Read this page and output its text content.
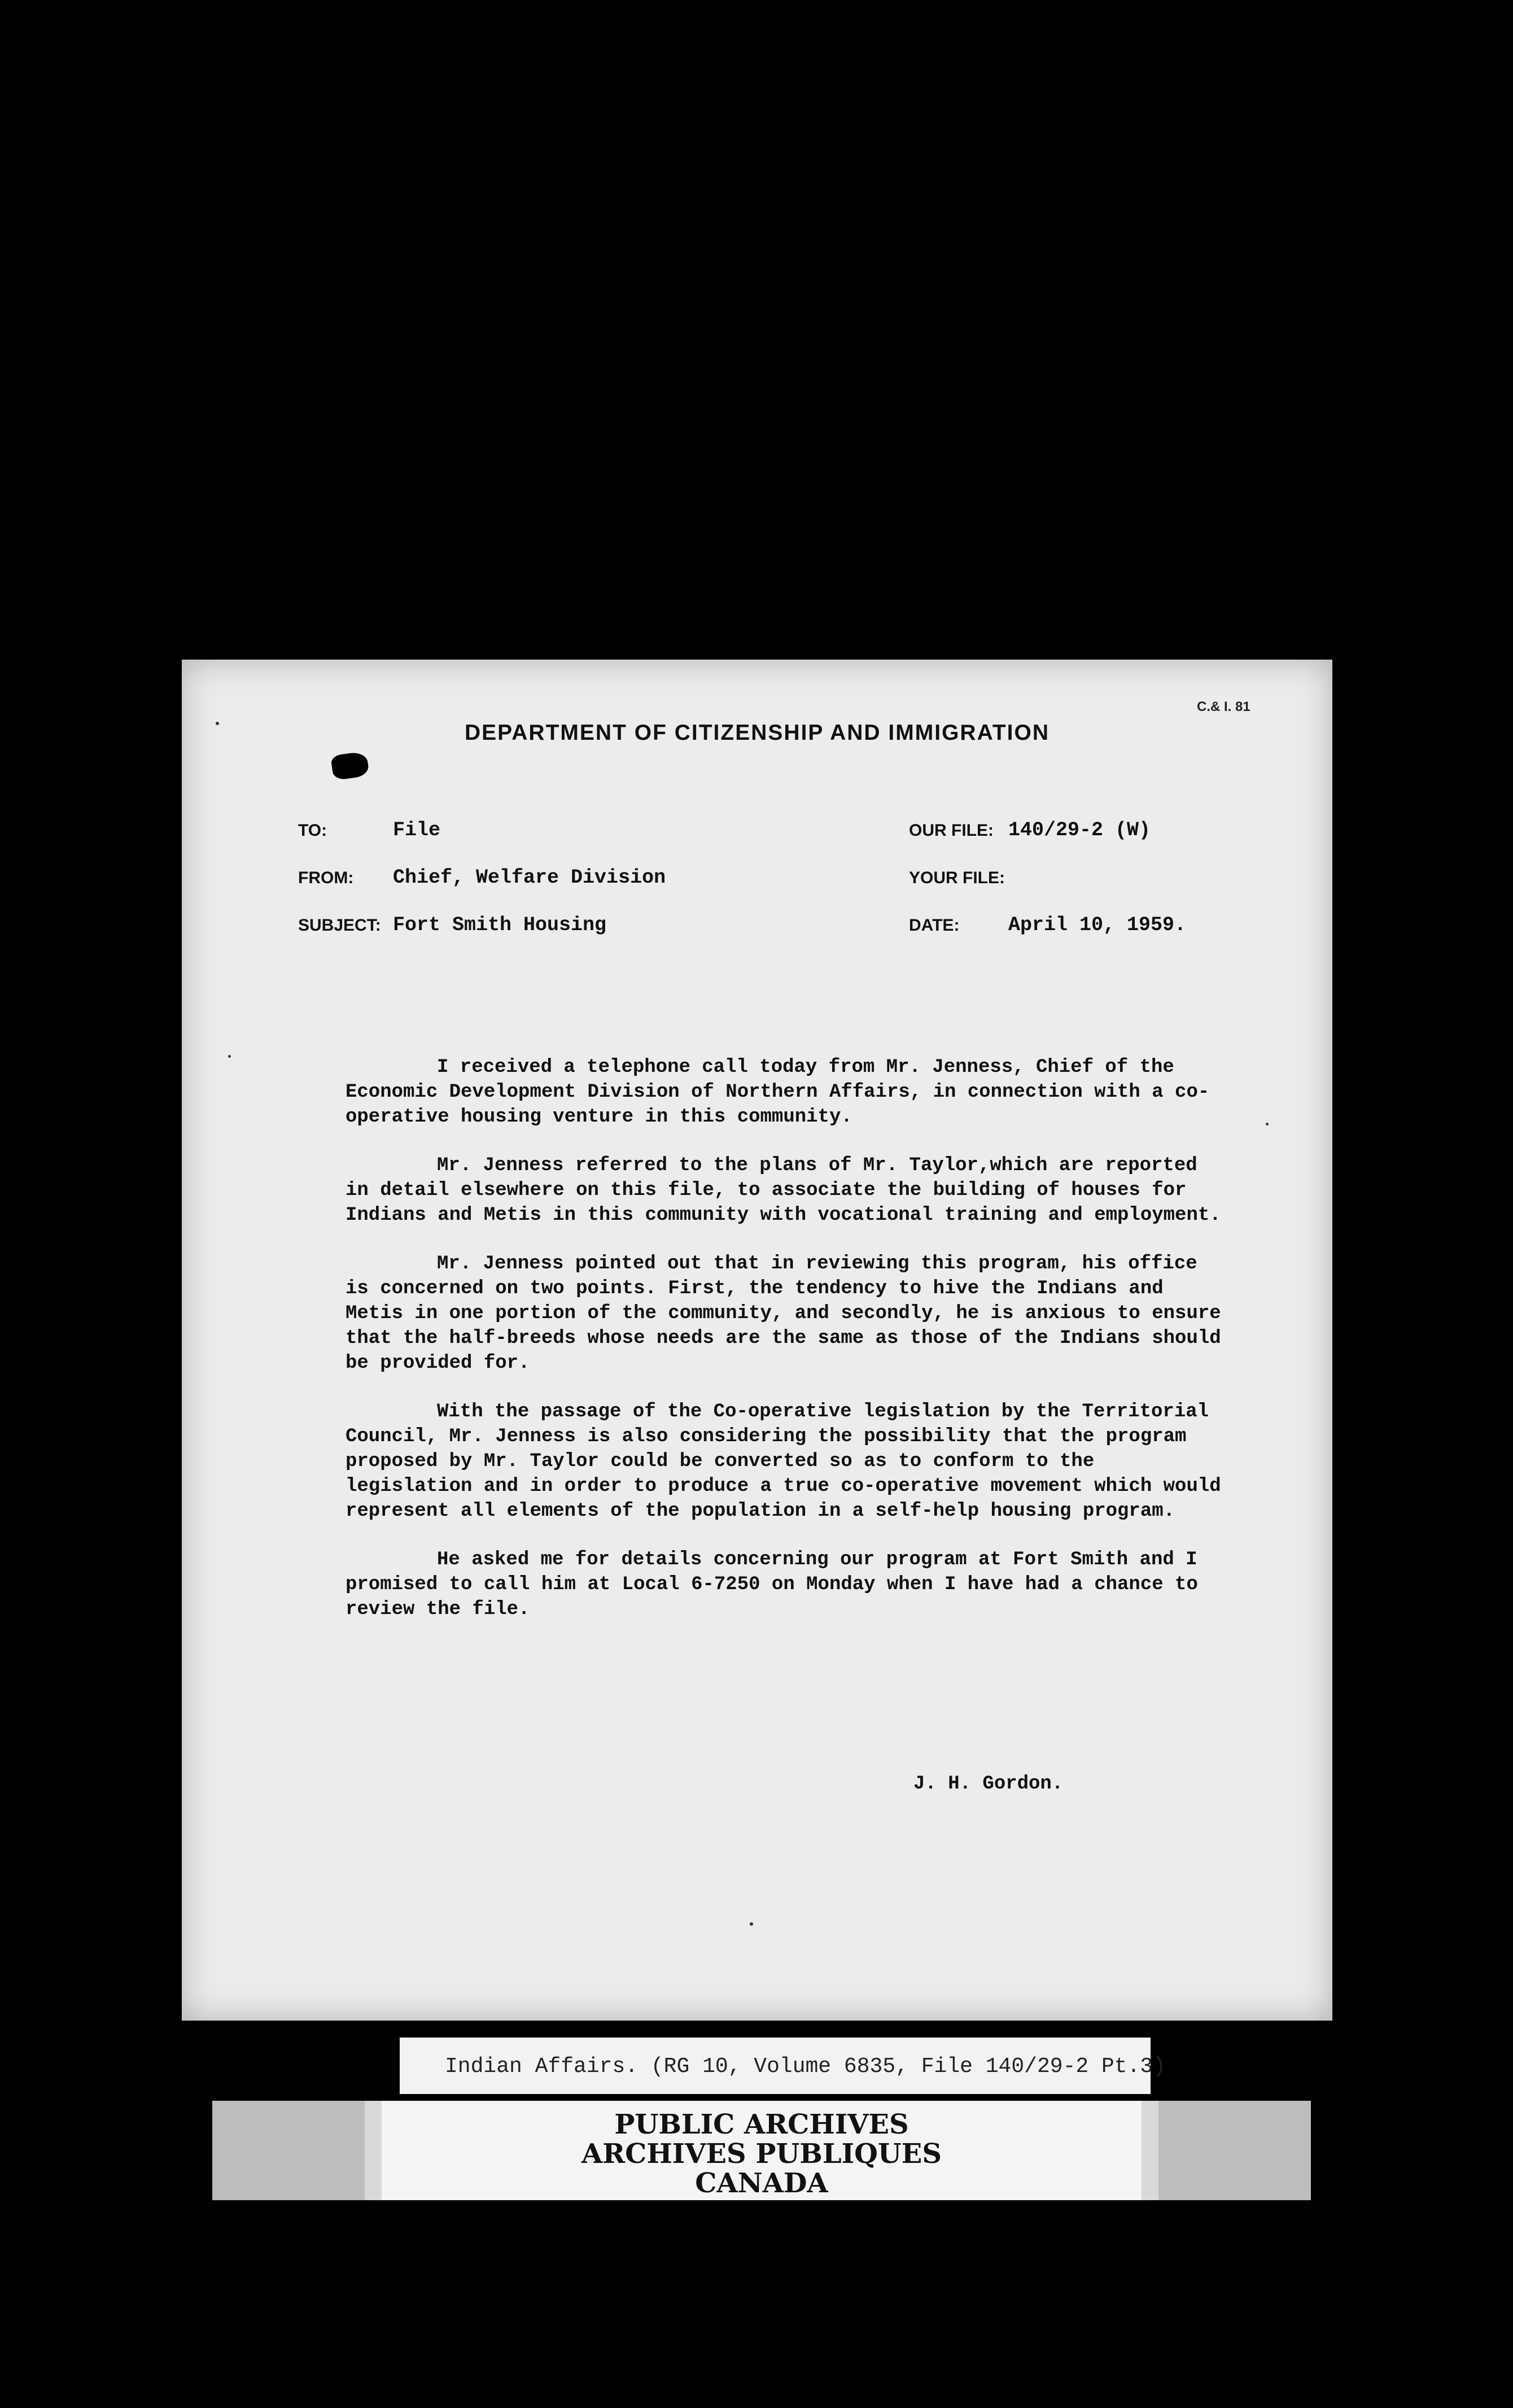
C.& I. 81
DEPARTMENT OF CITIZENSHIP AND IMMIGRATION
TO:	File
FROM: Chief, Welfare Division
SUBJECT: Fort Smith Housing
OUR FILE: 140/29-2 (W)
YOUR FILE:
DATE: April 10, 1959.

I received a telephone call today from Mr. Jenness, Chief of the Economic Development Division of Northern Affairs, in connection with a co-operative housing venture in this community.

Mr. Jenness referred to the plans of Mr. Taylor,which are reported in detail elsewhere on this file, to associate the building of houses for Indians and Metis in this community with vocational training and employment.

Mr. Jenness pointed out that in reviewing this program, his office is concerned on two points. First, the tendency to hive the Indians and Metis in one portion of the community, and secondly, he is anxious to ensure that the half-breeds whose needs are the same as those of the Indians should be provided for.

With the passage of the Co-operative legislation by the Territorial Council, Mr. Jenness is also considering the possibility that the program proposed by Mr. Taylor could be converted so as to conform to the legislation and in order to produce a true co-operative movement which would represent all elements of the population in a self-help housing program.

He asked me for details concerning our program at Fort Smith and I promised to call him at Local 6-7250 on Monday when I have had a chance to review the file.

J. H. Gordon.
Indian Affairs. (RG 10, Volume 6835, File 140/29-2 Pt.3)
PUBLIC ARCHIVES
ARCHIVES PUBLIQUES
CANADA
